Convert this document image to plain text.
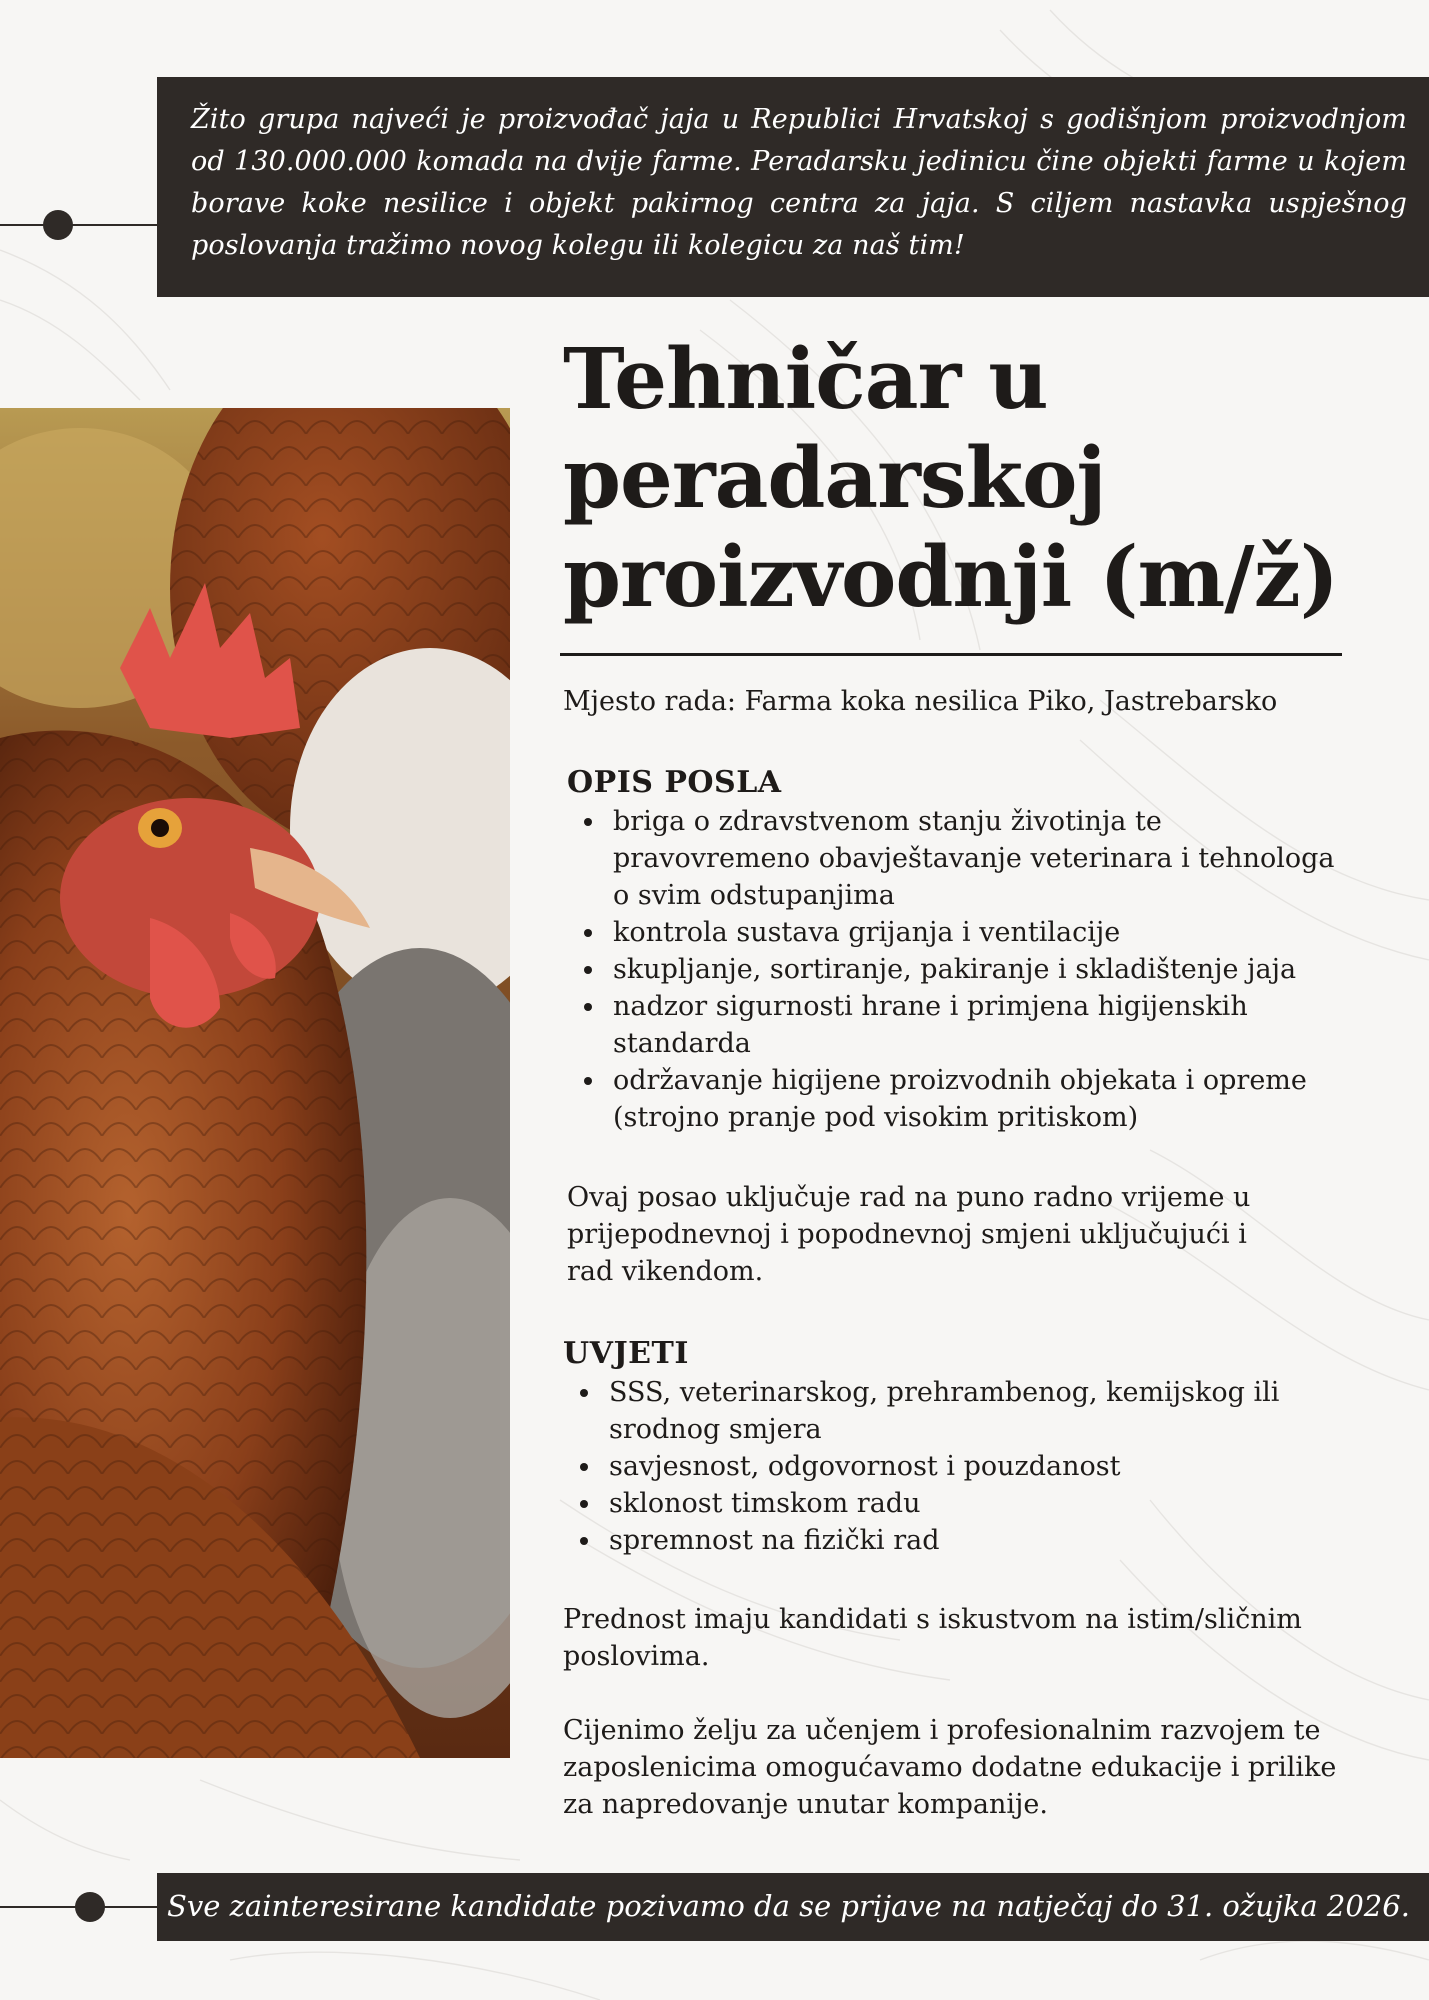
Žito grupa najveći je proizvođač jaja u Republici Hrvatskoj s godišnjom proizvodnjom od 130.000.000 komada na dvije farme. Peradarsku jedinicu čine objekti farme u kojem borave koke nesilice i objekt pakirnog centra za jaja. S ciljem nastavka uspješnog poslovanja tražimo novog kolegu ili kolegicu za naš tim!

Tehničar u peradarskoj proizvodnji (m/ž)

Mjesto rada: Farma koka nesilica Piko, Jastrebarsko

OPIS POSLA
briga o zdravstvenom stanju životinja te pravovremeno obavještavanje veterinara i tehnologa o svim odstupanjima
kontrola sustava grijanja i ventilacije
skupljanje, sortiranje, pakiranje i skladištenje jaja
nadzor sigurnosti hrane i primjena higijenskih standarda
održavanje higijene proizvodnih objekata i opreme (strojno pranje pod visokim pritiskom)

Ovaj posao uključuje rad na puno radno vrijeme u prijepodnevnoj i popodnevnoj smjeni uključujući i rad vikendom.

UVJETI
SSS, veterinarskog, prehrambenog, kemijskog ili srodnog smjera
savjesnost, odgovornost i pouzdanost
sklonost timskom radu
spremnost na fizički rad

Prednost imaju kandidati s iskustvom na istim/sličnim poslovima.

Cijenimo želju za učenjem i profesionalnim razvojem te zaposlenicima omogućavamo dodatne edukacije i prilike za napredovanje unutar kompanije.

Sve zainteresirane kandidate pozivamo da se prijave na natječaj do 31. ožujka 2026.
